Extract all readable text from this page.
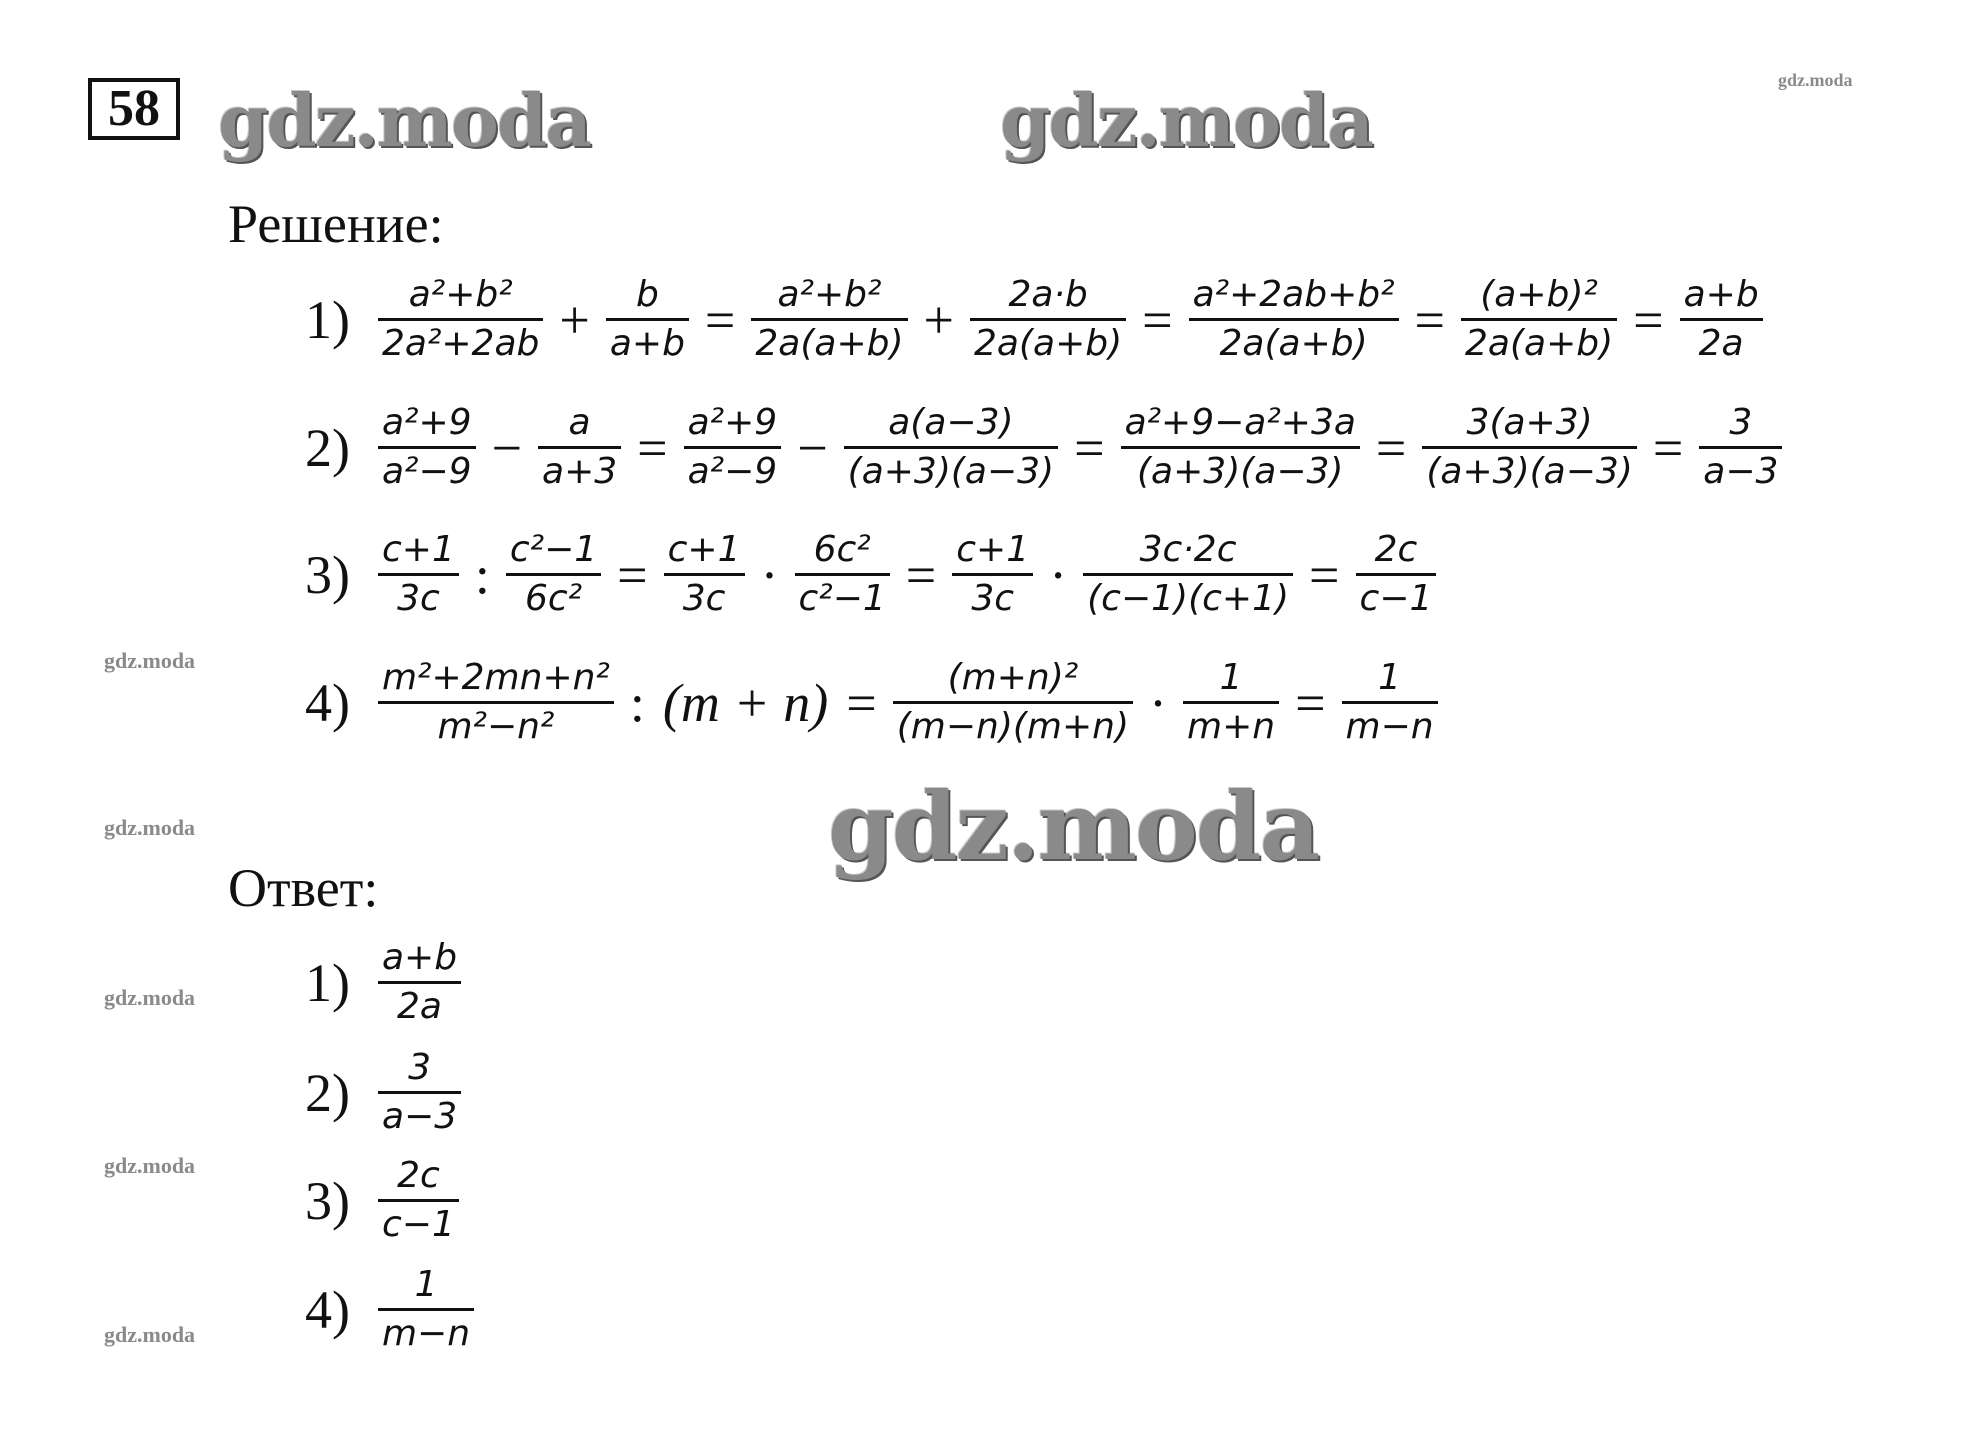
58 gdz.moda	gdz.moda	gdz.moda
gdz.moda
gdz.moda
gdz.moda
gdz.moda
gdz.moda
Решение:
$1) \frac{\text{a²+b²}}{\text{2a²+2ab}} + \frac{b}{a+b} = \frac{\text{a²+b²}}{2a(a+b)} + \frac{2a\cdot b}{2a(a+b)} = \frac{\text{a²+2ab+b²}}{2a(a+b)} = \frac{\text{(a+b)²}}{2a(a+b)} = \frac{a+b}{2a}$
$2) \frac{\text{a²+9}}{\text{a²−9}} - \frac{a}{a+3} = \frac{\text{a²+9}}{\text{a²−9}} - \frac{a(a-3)}{(a+3)(a-3)} = \frac{\text{a²+9−a²+3a}}{(a+3)(a-3)} = \frac{3(a+3)}{(a+3)(a-3)} = \frac{3}{a-3}$
$3) \frac{c+1}{3c}$ : $\frac{\text{c²−1}}{\text{6c²}} = \frac{c+1}{3c} \cdot \frac{\text{6c²}}{\text{c²−1}} = \frac{c+1}{3c} \cdot \frac{3c\cdot 2c}{(c-1)(c+1)} = \frac{2c}{c-1}$
$4) \frac{\text{m²+2mn+n²}}{\text{m²−n²}}$ : $(m + n) = \frac{\text{(m+n)²}}{(m-n)(m+n)} \cdot \frac{1}{m+n} = \frac{1}{m-n}$
gdz.moda
Ответ:
$1) \frac{a+b}{2a}$
$2) \frac{3}{a-3}$
$3) \frac{2c}{c-1}$
$4) \frac{1}{m-n}$
